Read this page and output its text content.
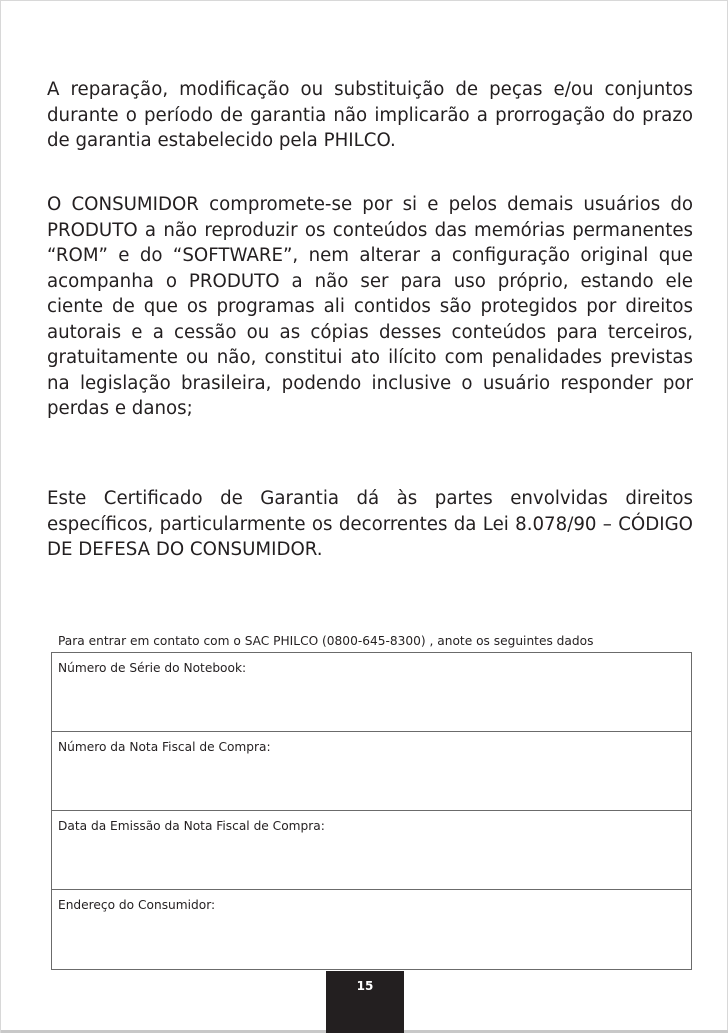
A reparação, modificação ou substituição de peças e/ou conjuntos durante o período de garantia não implicarão a prorrogação do prazo de garantia estabelecido pela PHILCO.

O CONSUMIDOR compromete-se por si e pelos demais usuários do PRODUTO a não reproduzir os conteúdos das memórias permanentes “ROM” e do “SOFTWARE”, nem alterar a configuração original que acompanha o PRODUTO a não ser para uso próprio, estando ele ciente de que os programas ali contidos são protegidos por direitos autorais e a cessão ou as cópias desses conteúdos para terceiros, gratuitamente ou não, constitui ato ilícito com penalidades previstas na legislação brasileira, podendo inclusive o usuário responder por perdas e danos;

Este Certificado de Garantia dá às partes envolvidas direitos específicos, particularmente os decorrentes da Lei 8.078/90 – CÓDIGO DE DEFESA DO CONSUMIDOR.

Para entrar em contato com o SAC PHILCO (0800-645-8300) , anote os seguintes dados
Número de Série do Notebook:
Número da Nota Fiscal de Compra:
Data da Emissão da Nota Fiscal de Compra:
Endereço do Consumidor:
15
